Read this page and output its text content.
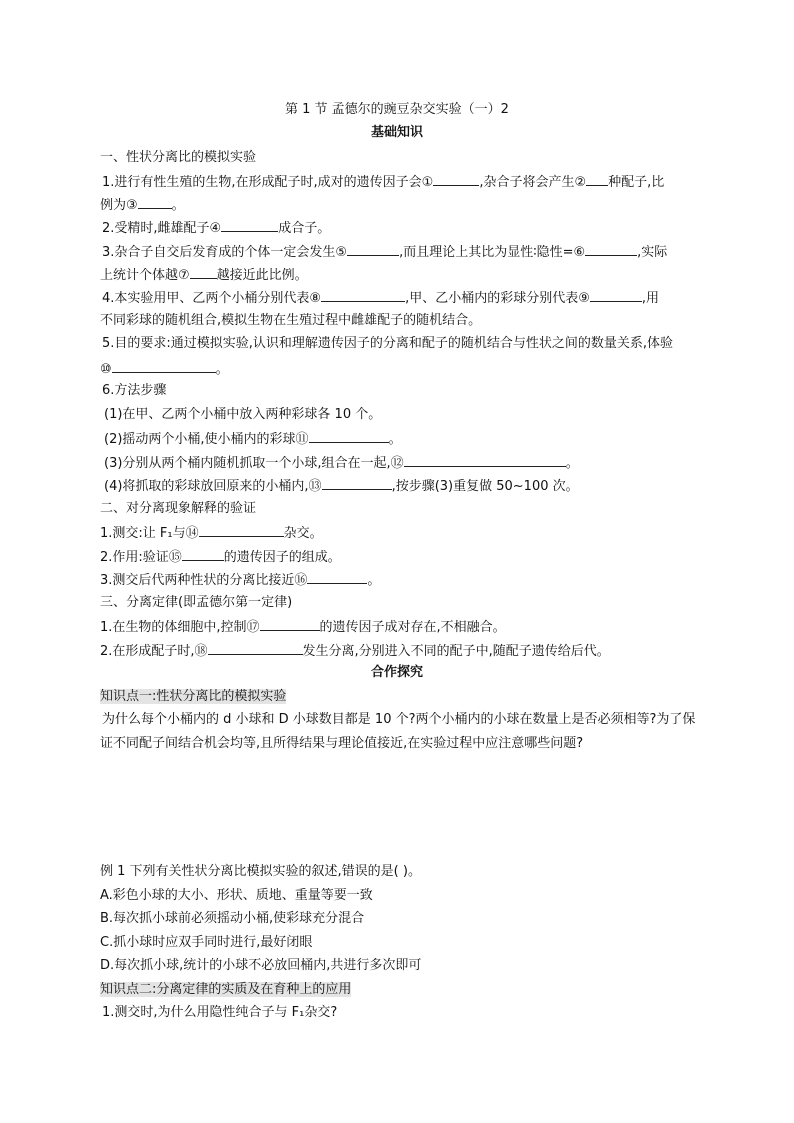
第 1 节 孟德尔的豌豆杂交实验（一）2
基础知识
一、性状分离比的模拟实验
1.进行有性生殖的生物,在形成配子时,成对的遗传因子会①	,杂合子将会产生② 种配子,比
例为③	。
2.受精时,雌雄配子④	成合子。
3.杂合子自交后发育成的个体一定会发生⑤	,而且理论上其比为显性∶隐性=⑥	,实际
上统计个体越⑦ 越接近此比例。
4.本实验用甲、乙两个小桶分别代表⑧	,甲、乙小桶内的彩球分别代表⑨	,用
不同彩球的随机组合,模拟生物在生殖过程中雌雄配子的随机结合。
5.目的要求:通过模拟实验,认识和理解遗传因子的分离和配子的随机结合与性状之间的数量关系,体验
⑩	。
6.方法步骤
(1)在甲、乙两个小桶中放入两种彩球各 10 个。
(2)摇动两个小桶,使小桶内的彩球⑪	。
(3)分别从两个桶内随机抓取一个小球,组合在一起,⑫	。
(4)将抓取的彩球放回原来的小桶内,⑬	,按步骤(3)重复做 50~100 次。
二、对分离现象解释的验证
1.测交:让 F₁与⑭	杂交。
2.作用:验证⑮	的遗传因子的组成。
3.测交后代两种性状的分离比接近⑯	。
三、分离定律(即孟德尔第一定律)
1.在生物的体细胞中,控制⑰	的遗传因子成对存在,不相融合。
2.在形成配子时,⑱	发生分离,分别进入不同的配子中,随配子遗传给后代。
合作探究
知识点一:性状分离比的模拟实验
为什么每个小桶内的 d 小球和 D 小球数目都是 10 个?两个小桶内的小球在数量上是否必须相等?为了保
证不同配子间结合机会均等,且所得结果与理论值接近,在实验过程中应注意哪些问题?
例 1 下列有关性状分离比模拟实验的叙述,错误的是( )。
A.彩色小球的大小、形状、质地、重量等要一致
B.每次抓小球前必须摇动小桶,使彩球充分混合
C.抓小球时应双手同时进行,最好闭眼
D.每次抓小球,统计的小球不必放回桶内,共进行多次即可
知识点二:分离定律的实质及在育种上的应用
1.测交时,为什么用隐性纯合子与 F₁杂交?
